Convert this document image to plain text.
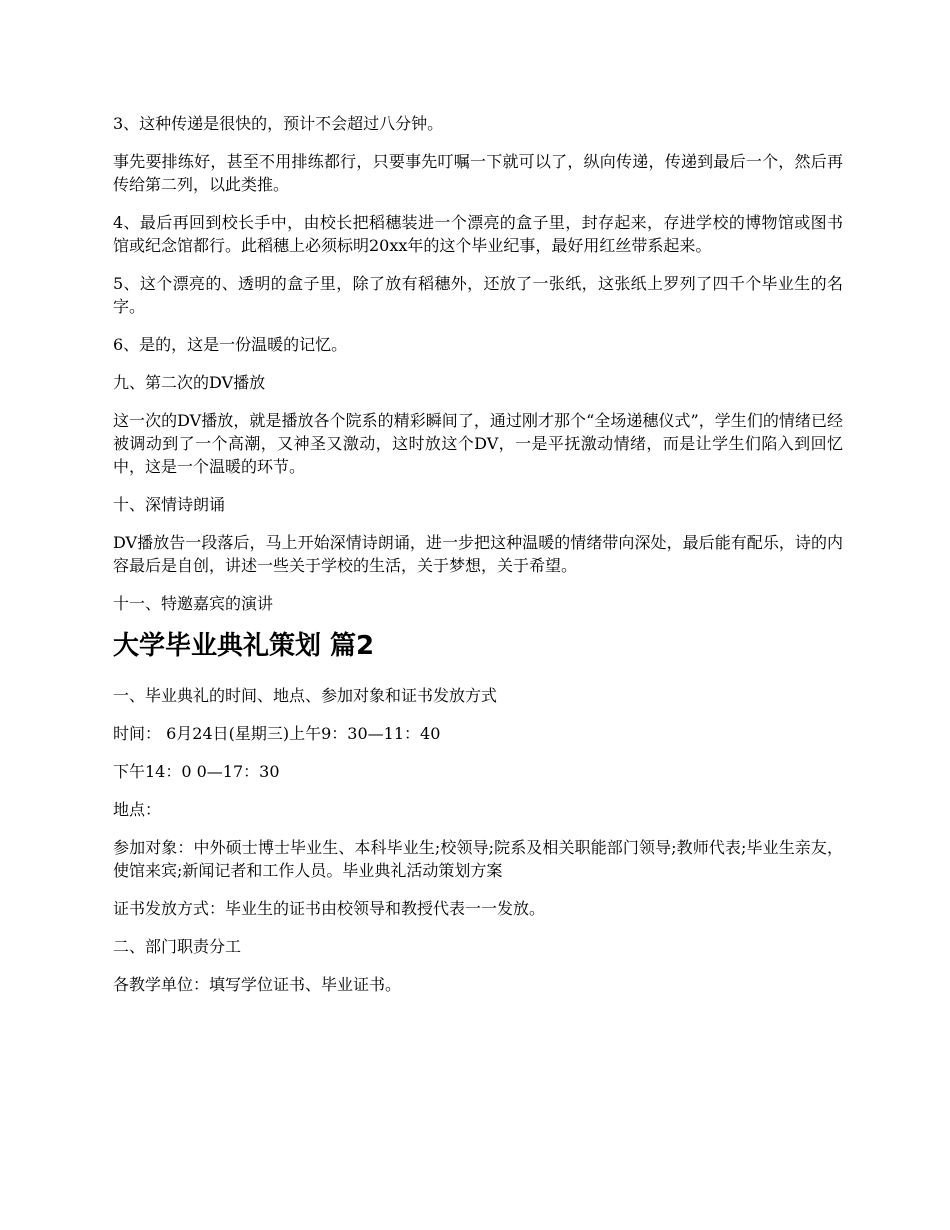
3、这种传递是很快的，预计不会超过八分钟。

事先要排练好，甚至不用排练都行，只要事先叮嘱一下就可以了，纵向传递，传递到最后一个，然后再传给第二列，以此类推。

4、最后再回到校长手中，由校长把稻穗装进一个漂亮的盒子里，封存起来，存进学校的博物馆或图书馆或纪念馆都行。此稻穗上必须标明20xx年的这个毕业纪事，最好用红丝带系起来。

5、这个漂亮的、透明的盒子里，除了放有稻穗外，还放了一张纸，这张纸上罗列了四千个毕业生的名字。

6、是的，这是一份温暖的记忆。

九、第二次的DV播放

这一次的DV播放，就是播放各个院系的精彩瞬间了，通过刚才那个“全场递穗仪式”，学生们的情绪已经被调动到了一个高潮，又神圣又激动，这时放这个DV，一是平抚激动情绪，而是让学生们陷入到回忆中，这是一个温暖的环节。

十、深情诗朗诵

DV播放告一段落后，马上开始深情诗朗诵，进一步把这种温暖的情绪带向深处，最后能有配乐，诗的内容最后是自创，讲述一些关于学校的生活，关于梦想，关于希望。

十一、特邀嘉宾的演讲

大学毕业典礼策划 篇2

一、毕业典礼的时间、地点、参加对象和证书发放方式

时间： 6月24日(星期三)上午9：30—11：40

下午14：0 0—17：30

地点：

参加对象：中外硕士博士毕业生、本科毕业生;校领导;院系及相关职能部门领导;教师代表;毕业生亲友，使馆来宾;新闻记者和工作人员。毕业典礼活动策划方案

证书发放方式：毕业生的证书由校领导和教授代表一一发放。

二、部门职责分工

各教学单位：填写学位证书、毕业证书。
